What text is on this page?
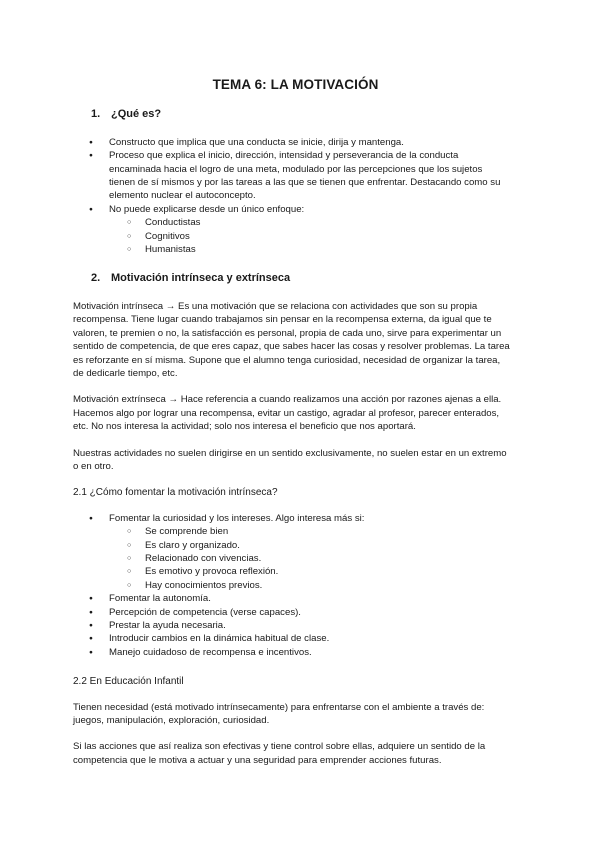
TEMA 6: LA MOTIVACIÓN
1. ¿Qué es?
● Constructo que implica que una conducta se inicie, dirija y mantenga.
● Proceso que explica el inicio, dirección, intensidad y perseverancia de la conducta encaminada hacia el logro de una meta, modulado por las percepciones que los sujetos tienen de sí mismos y por las tareas a las que se tienen que enfrentar. Destacando como su elemento nuclear el autoconcepto.
● No puede explicarse desde un único enfoque:
○ Conductistas
○ Cognitivos
○ Humanistas
2. Motivación intrínseca y extrínseca

Motivación intrínseca → Es una motivación que se relaciona con actividades que son su propia recompensa. Tiene lugar cuando trabajamos sin pensar en la recompensa externa, da igual que te valoren, te premien o no, la satisfacción es personal, propia de cada uno, sirve para experimentar un sentido de competencia, de que eres capaz, que sabes hacer las cosas y resolver problemas. La tarea es reforzante en sí misma. Supone que el alumno tenga curiosidad, necesidad de organizar la tarea, de dedicarle tiempo, etc.

Motivación extrínseca → Hace referencia a cuando realizamos una acción por razones ajenas a ella. Hacemos algo por lograr una recompensa, evitar un castigo, agradar al profesor, parecer enterados, etc. No nos interesa la actividad; solo nos interesa el beneficio que nos aportará.

Nuestras actividades no suelen dirigirse en un sentido exclusivamente, no suelen estar en un extremo o en otro.

2.1 ¿Cómo fomentar la motivación intrínseca?
● Fomentar la curiosidad y los intereses. Algo interesa más si:
○ Se comprende bien
○ Es claro y organizado.
○ Relacionado con vivencias.
○ Es emotivo y provoca reflexión.
○ Hay conocimientos previos.
● Fomentar la autonomía.
● Percepción de competencia (verse capaces).
● Prestar la ayuda necesaria.
● Introducir cambios en la dinámica habitual de clase.
● Manejo cuidadoso de recompensa e incentivos.
2.2 En Educación Infantil

Tienen necesidad (está motivado intrínsecamente) para enfrentarse con el ambiente a través de: juegos, manipulación, exploración, curiosidad.

Si las acciones que así realiza son efectivas y tiene control sobre ellas, adquiere un sentido de la competencia que le motiva a actuar y una seguridad para emprender acciones futuras.
